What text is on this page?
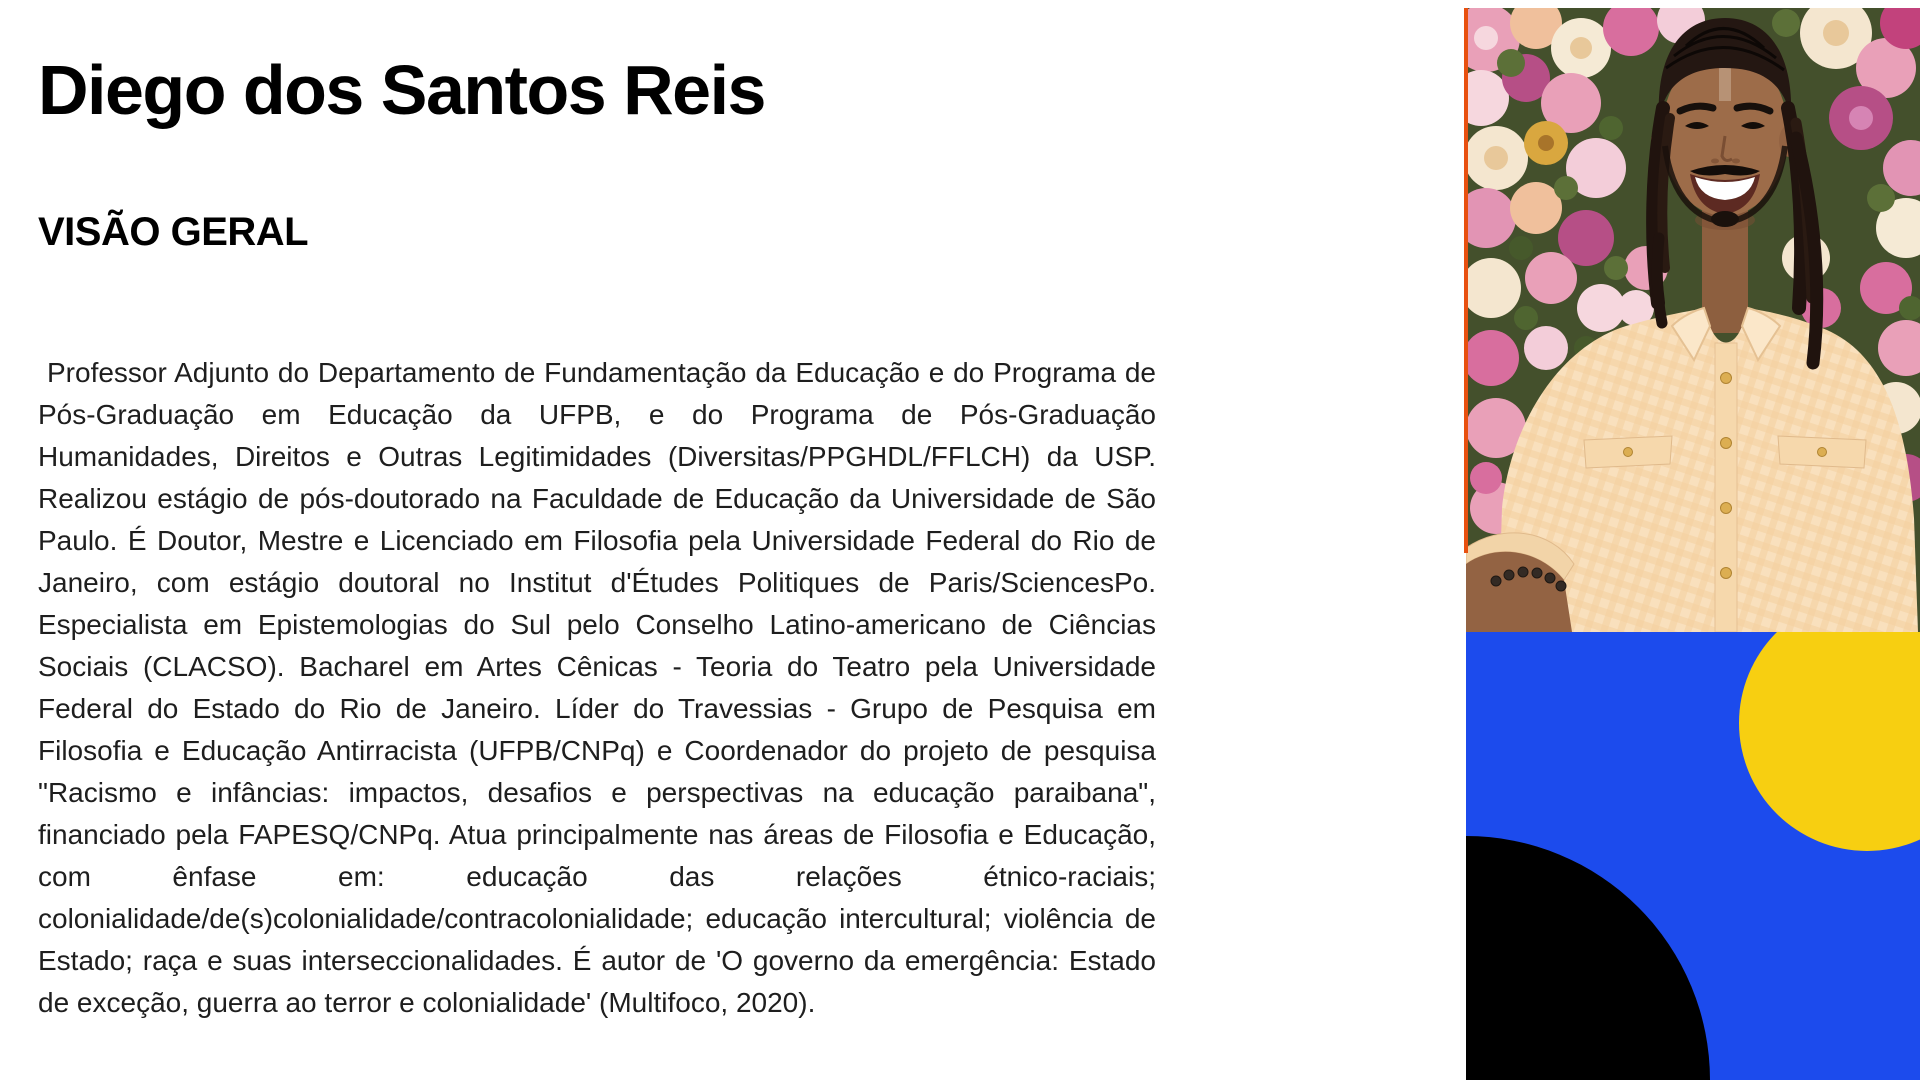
Diego dos Santos Reis
VISÃO GERAL

Professor Adjunto do Departamento de Fundamentação da Educação e do Programa de Pós-Graduação em Educação da UFPB, e do Programa de Pós-Graduação Humanidades, Direitos e Outras Legitimidades (Diversitas/PPGHDL/FFLCH) da USP. Realizou estágio de pós-doutorado na Faculdade de Educação da Universidade de São Paulo. É Doutor, Mestre e Licenciado em Filosofia pela Universidade Federal do Rio de Janeiro, com estágio doutoral no Institut d'Études Politiques de Paris/SciencesPo. Especialista em Epistemologias do Sul pelo Conselho Latino-americano de Ciências Sociais (CLACSO). Bacharel em Artes Cênicas - Teoria do Teatro pela Universidade Federal do Estado do Rio de Janeiro. Líder do Travessias - Grupo de Pesquisa em Filosofia e Educação Antirracista (UFPB/CNPq) e Coordenador do projeto de pesquisa "Racismo e infâncias: impactos, desafios e perspectivas na educação paraibana", financiado pela FAPESQ/CNPq. Atua principalmente nas áreas de Filosofia e Educação, com ênfase em: educação das relações étnico-raciais; colonialidade/de(s)colonialidade/contracolonialidade; educação intercultural; violência de Estado; raça e suas interseccionalidades. É autor de 'O governo da emergência: Estado de exceção, guerra ao terror e colonialidade' (Multifoco, 2020).
